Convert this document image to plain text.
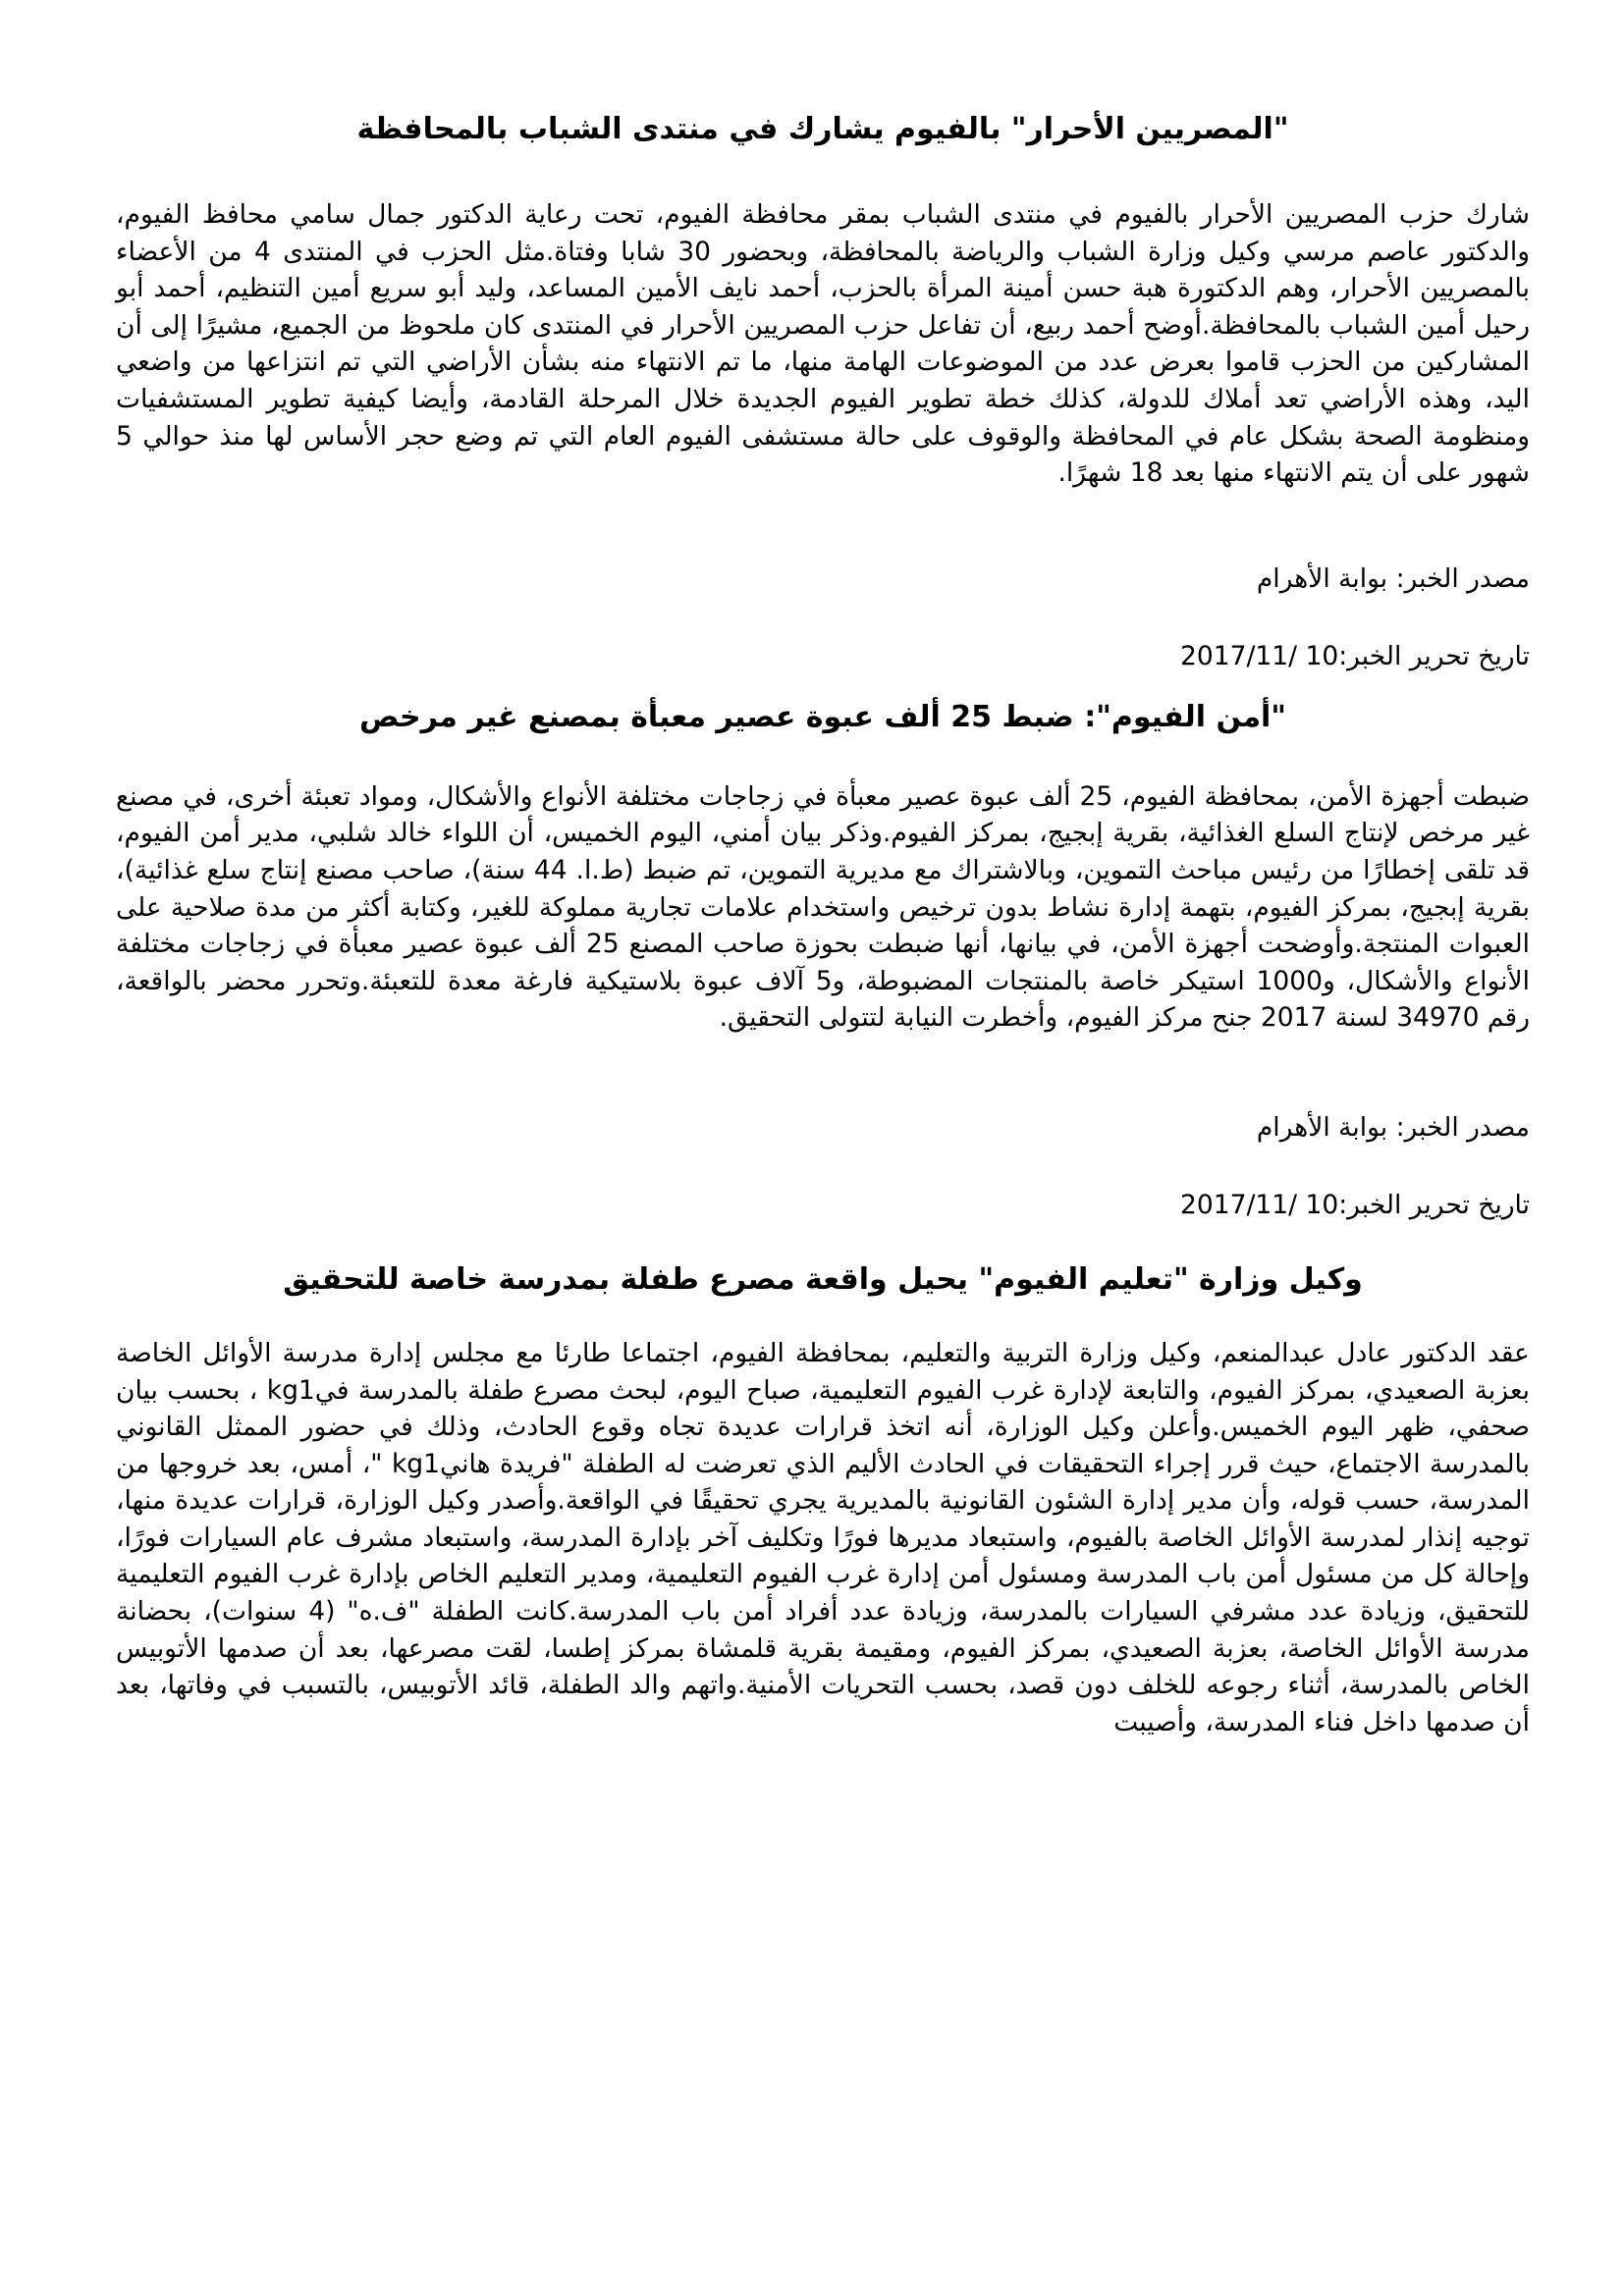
"المصريين الأحرار" بالفيوم يشارك في منتدى الشباب بالمحافظة

شارك حزب المصريين الأحرار بالفيوم في منتدى الشباب بمقر محافظة الفيوم، تحت رعاية الدكتور جمال سامي محافظ الفيوم، والدكتور عاصم مرسي وكيل وزارة الشباب والرياضة بالمحافظة، وبحضور 30 شابا وفتاة.مثل الحزب في المنتدى 4 من الأعضاء بالمصريين الأحرار، وهم الدكتورة هبة حسن أمينة المرأة بالحزب، أحمد نايف الأمين المساعد، وليد أبو سريع أمين التنظيم، أحمد أبو رحيل أمين الشباب بالمحافظة.أوضح أحمد ربيع، أن تفاعل حزب المصريين الأحرار في المنتدى كان ملحوظ من الجميع، مشيرًا إلى أن المشاركين من الحزب قاموا بعرض عدد من الموضوعات الهامة منها، ما تم الانتهاء منه بشأن الأراضي التي تم انتزاعها من واضعي اليد، وهذه الأراضي تعد أملاك للدولة، كذلك خطة تطوير الفيوم الجديدة خلال المرحلة القادمة، وأيضا كيفية تطوير المستشفيات ومنظومة الصحة بشكل عام في المحافظة والوقوف على حالة مستشفى الفيوم العام التي تم وضع حجر الأساس لها منذ حوالي 5 شهور على أن يتم الانتهاء منها بعد 18 شهرًا.

مصدر الخبر: بوابة الأهرام

تاريخ تحرير الخبر:10 /2017/11

"أمن الفيوم": ضبط 25 ألف عبوة عصير معبأة بمصنع غير مرخص

ضبطت أجهزة الأمن، بمحافظة الفيوم، 25 ألف عبوة عصير معبأة في زجاجات مختلفة الأنواع والأشكال، ومواد تعبئة أخرى، في مصنع غير مرخص لإنتاج السلع الغذائية، بقرية إبجيج، بمركز الفيوم.وذكر بيان أمني، اليوم الخميس، أن اللواء خالد شلبي، مدير أمن الفيوم، قد تلقى إخطارًا من رئيس مباحث التموين، وبالاشتراك مع مديرية التموين، تم ضبط (ط.ا. 44 سنة)، صاحب مصنع إنتاج سلع غذائية)، بقرية إبجيج، بمركز الفيوم، بتهمة إدارة نشاط بدون ترخيص واستخدام علامات تجارية مملوكة للغير، وكتابة أكثر من مدة صلاحية على العبوات المنتجة.وأوضحت أجهزة الأمن، في بيانها، أنها ضبطت بحوزة صاحب المصنع 25 ألف عبوة عصير معبأة في زجاجات مختلفة الأنواع والأشكال، و1000 استيكر خاصة بالمنتجات المضبوطة، و5 آلاف عبوة بلاستيكية فارغة معدة للتعبئة.وتحرر محضر بالواقعة، رقم 34970 لسنة 2017 جنح مركز الفيوم، وأخطرت النيابة لتتولى التحقيق.

مصدر الخبر: بوابة الأهرام

تاريخ تحرير الخبر:10 /2017/11

وكيل وزارة "تعليم الفيوم" يحيل واقعة مصرع طفلة بمدرسة خاصة للتحقيق

عقد الدكتور عادل عبدالمنعم، وكيل وزارة التربية والتعليم، بمحافظة الفيوم، اجتماعا طارئا مع مجلس إدارة مدرسة الأوائل الخاصة بعزبة الصعيدي، بمركز الفيوم، والتابعة لإدارة غرب الفيوم التعليمية، صباح اليوم، لبحث مصرع طفلة بالمدرسة فيkg1 ، بحسب بيان صحفي، ظهر اليوم الخميس.وأعلن وكيل الوزارة، أنه اتخذ قرارات عديدة تجاه وقوع الحادث، وذلك في حضور الممثل القانوني بالمدرسة الاجتماع، حيث قرر إجراء التحقيقات في الحادث الأليم الذي تعرضت له الطفلة "فريدة هانيkg1 "، أمس، بعد خروجها من المدرسة، حسب قوله، وأن مدير إدارة الشئون القانونية بالمديرية يجري تحقيقًا في الواقعة.وأصدر وكيل الوزارة، قرارات عديدة منها، توجيه إنذار لمدرسة الأوائل الخاصة بالفيوم، واستبعاد مديرها فورًا وتكليف آخر بإدارة المدرسة، واستبعاد مشرف عام السيارات فورًا، وإحالة كل من مسئول أمن باب المدرسة ومسئول أمن إدارة غرب الفيوم التعليمية، ومدير التعليم الخاص بإدارة غرب الفيوم التعليمية للتحقيق، وزيادة عدد مشرفي السيارات بالمدرسة، وزيادة عدد أفراد أمن باب المدرسة.كانت الطفلة "ف.ه" (4 سنوات)، بحضانة مدرسة الأوائل الخاصة، بعزبة الصعيدي، بمركز الفيوم، ومقيمة بقرية قلمشاة بمركز إطسا، لقت مصرعها، بعد أن صدمها الأتوبيس الخاص بالمدرسة، أثناء رجوعه للخلف دون قصد، بحسب التحريات الأمنية.واتهم والد الطفلة، قائد الأتوبيس، بالتسبب في وفاتها، بعد أن صدمها داخل فناء المدرسة، وأصيبت
